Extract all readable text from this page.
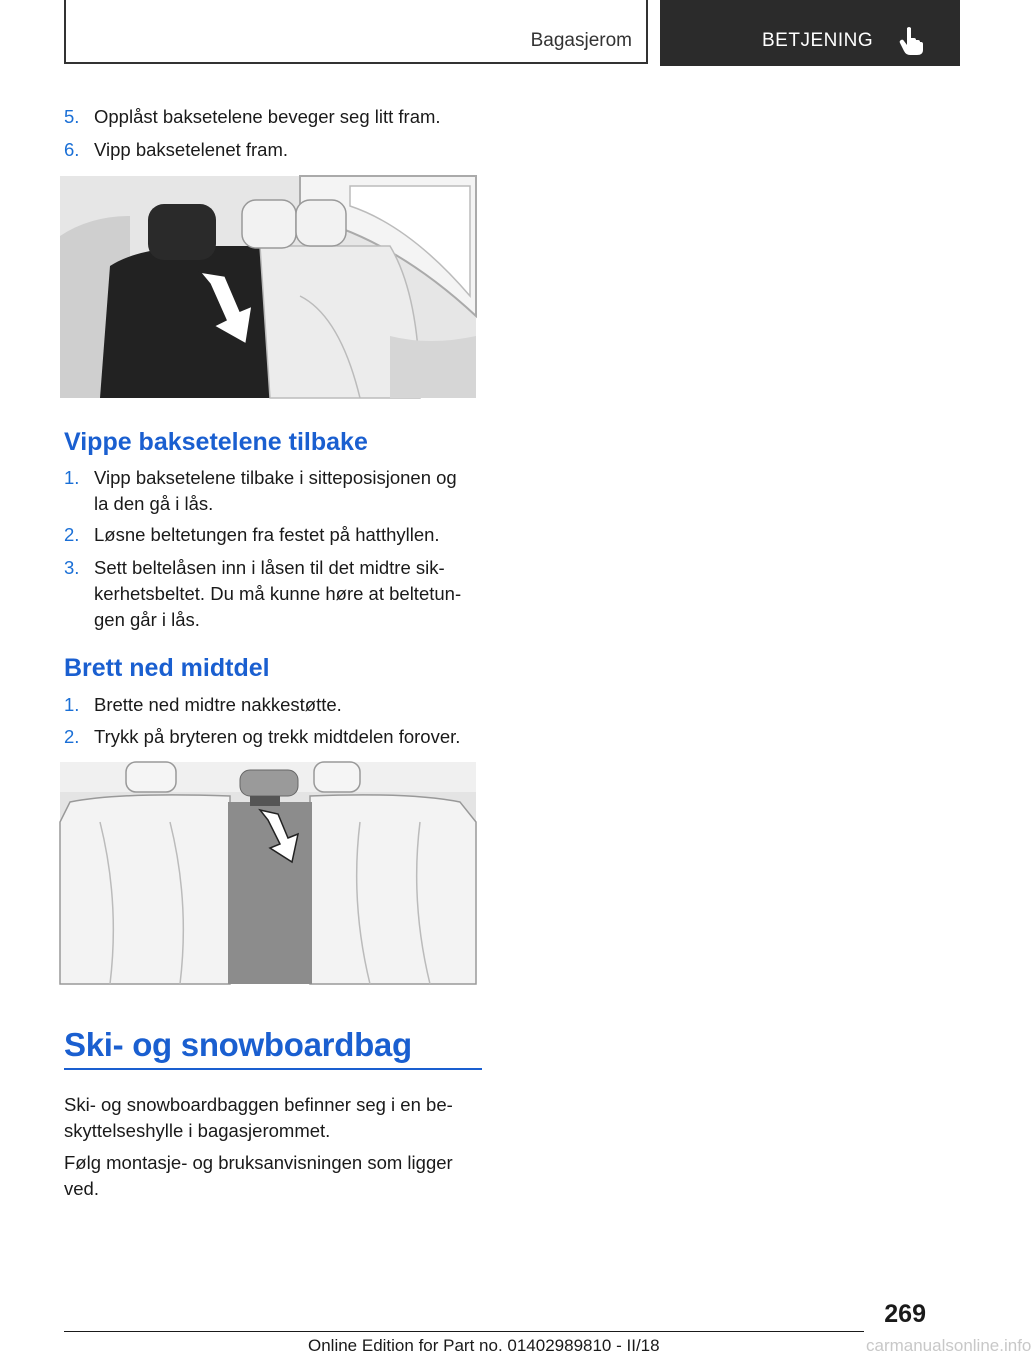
Bagasjerom	BETJENING
5. Opplåst baksetelene beveger seg litt fram.
6. Vipp baksetelenet fram.
Vippe baksetelene tilbake
1. Vipp baksetelene tilbake i sitteposisjonen og
la den gå i lås.
2. Løsne beltetungen fra festet på hatthyllen.
3. Sett beltelåsen inn i låsen til det midtre sik-
kerhetsbeltet. Du må kunne høre at beltetun-
gen går i lås.
Brett ned midtdel
1. Brette ned midtre nakkestøtte.
2. Trykk på bryteren og trekk midtdelen forover.
Ski- og snowboardbag
Ski- og snowboardbaggen befinner seg i en be-
skyttelseshylle i bagasjerommet.
Følg montasje- og bruksanvisningen som ligger
ved.
269
Online Edition for Part no. 01402989810 - II/18	carmanualsonline.info
